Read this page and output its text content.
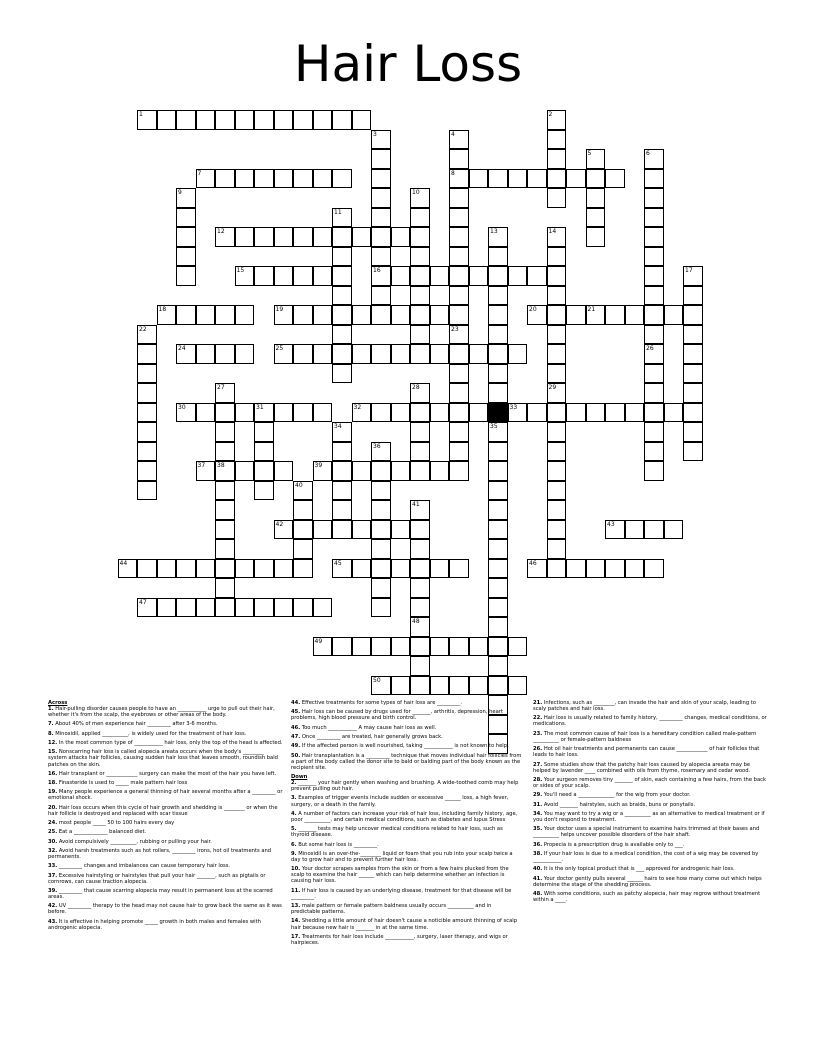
Hair Loss
1
7	8
12
15	16
18	19	20	21
24	25
30	31	32	33
37 38	39
42	43
44	45	46
47
49
50
2
3	4
5	6
26
9	10
11
13
35
14
29
17
22	23
27	28
34
36
40
41
48
Across
1. Hair-pulling disorder causes people to have an ___________ urge to pull out their hair, whether it's from the scalp, the eyebrows or other areas of the body.
7. About 40% of men experience hair _________ after 3-6 months.
8. Minoxidil, applied __________, is widely used for the treatment of hair loss.
12. In the most common type of ___________ hair loss, only the top of the head is affected.
15. Nonscarring hair loss is called alopecia areata occurs when the body's ________ system attacks hair follicles, causing sudden hair loss that leaves smooth, roundish bald patches on the skin.
16. Hair transplant or ____________ surgery can make the most of the hair you have left.
18. Finasteride is used to _____ male pattern hair loss
19. Many people experience a general thinning of hair several months after a _________ or emotional shock.
20. Hair loss occurs when this cycle of hair growth and shedding is ________ or when the hair follicle is destroyed and replaced with scar tissue
24. most people _____ 50 to 100 hairs every day
25. Eat a _____________ balanced diet.
30. Avoid compulsively __________, rubbing or pulling your hair.
32. Avoid harsh treatments such as hot rollers, _________ irons, hot oil treatments and permanents.
33. _________ changes and imbalances can cause temporary hair loss.
37. Excessive hairstyling or hairstyles that pull your hair _______, such as pigtails or cornrows, can cause traction alopecia.
39. _________ that cause scarring alopecia may result in permanent loss at the scarred areas.
42. UV _________ therapy to the head may not cause hair to grow back the same as it was before.
43. It is effective in helping promote _____ growth in both males and females with androgenic alopecia.
44. Effective treatments for some types of hair loss are _________.
45. Hair loss can be caused by drugs used for _______, arthritis, depression, heart problems, high blood pressure and birth control.
46. Too much ___________ A may cause hair loss as well.
47. Once _________ are treated, hair generally grows back.
49. If the affected person is well nourished, taking ___________ is not known to help.
50. Hair transplantation is a _________ technique that moves individual hair follicles from a part of the body called the donor site to bald or balding part of the body known as the recipient site.
Down
2. _______ your hair gently when washing and brushing. A wide-toothed comb may help prevent pulling out hair.
3. Examples of trigger events include sudden or excessive ______ loss, a high fever, surgery, or a death in the family.
4. A number of factors can increase your risk of hair loss, including family history, age, poor __________, and certain medical conditions, such as diabetes and lupus Stress
5. _______ tests may help uncover medical conditions related to hair loss, such as thyroid disease.
6. But some hair loss is _________.
9. Minoxidil is an over-the-________ liquid or foam that you rub into your scalp twice a day to grow hair and to prevent further hair loss.
10. Your doctor scrapes samples from the skin or from a few hairs plucked from the scalp to examine the hair ______ which can help determine whether an infection is causing hair loss.
11. If hair loss is caused by an underlying disease, treatment for that disease will be _________.
13. male pattern or female pattern baldness usually occurs __________ and in predictable patterns.
14. Shedding a little amount of hair doesn't cause a noticible amount thinning of scalp hair because new hair is _______ in at the same time.
17. Treatments for hair loss include ___________, surgery, laser therapy, and wigs or hairpieces.
21. Infections, such as ________, can invade the hair and skin of your scalp, leading to scaly patches and hair loss.
22. Hair loss is usually related to family history, _________ changes, medical conditions, or medications.
23. The most common cause of hair loss is a hereditary condition called male-pattern __________ or female-pattern baldness
26. Hot oil hair treatments and permanents can cause ____________ of hair follicles that leads to hair loss.
27. Some studies show that the patchy hair loss caused by alopecia areata may be helped by lavender ____ combined with oils from thyme, rosemary and cedar wood.
28. Your surgeon removes tiny _______ of skin, each containing a few hairs, from the back or sides of your scalp.
29. You'll need a ______________ for the wig from your doctor.
31. Avoid _______ hairstyles, such as braids, buns or ponytails.
34. You may want to try a wig or a __________ as an alternative to medical treatment or if you don't respond to treatment.
35. Your doctor uses a special instrument to examine hairs trimmed at their bases and __________ helps uncover possible disorders of the hair shaft.
36. Propecia is a prescription drug is available only to ___.
38. If your hair loss is due to a medical condition, the cost of a wig may be covered by ___________.
40. It is the only topical product that is ___ approved for androgenic hair loss.
41. Your doctor gently pulls several ______ hairs to see how many come out which helps determine the stage of the shedding process.
48. With some conditions, such as patchy alopecia, hair may regrow without treatment within a ____.
